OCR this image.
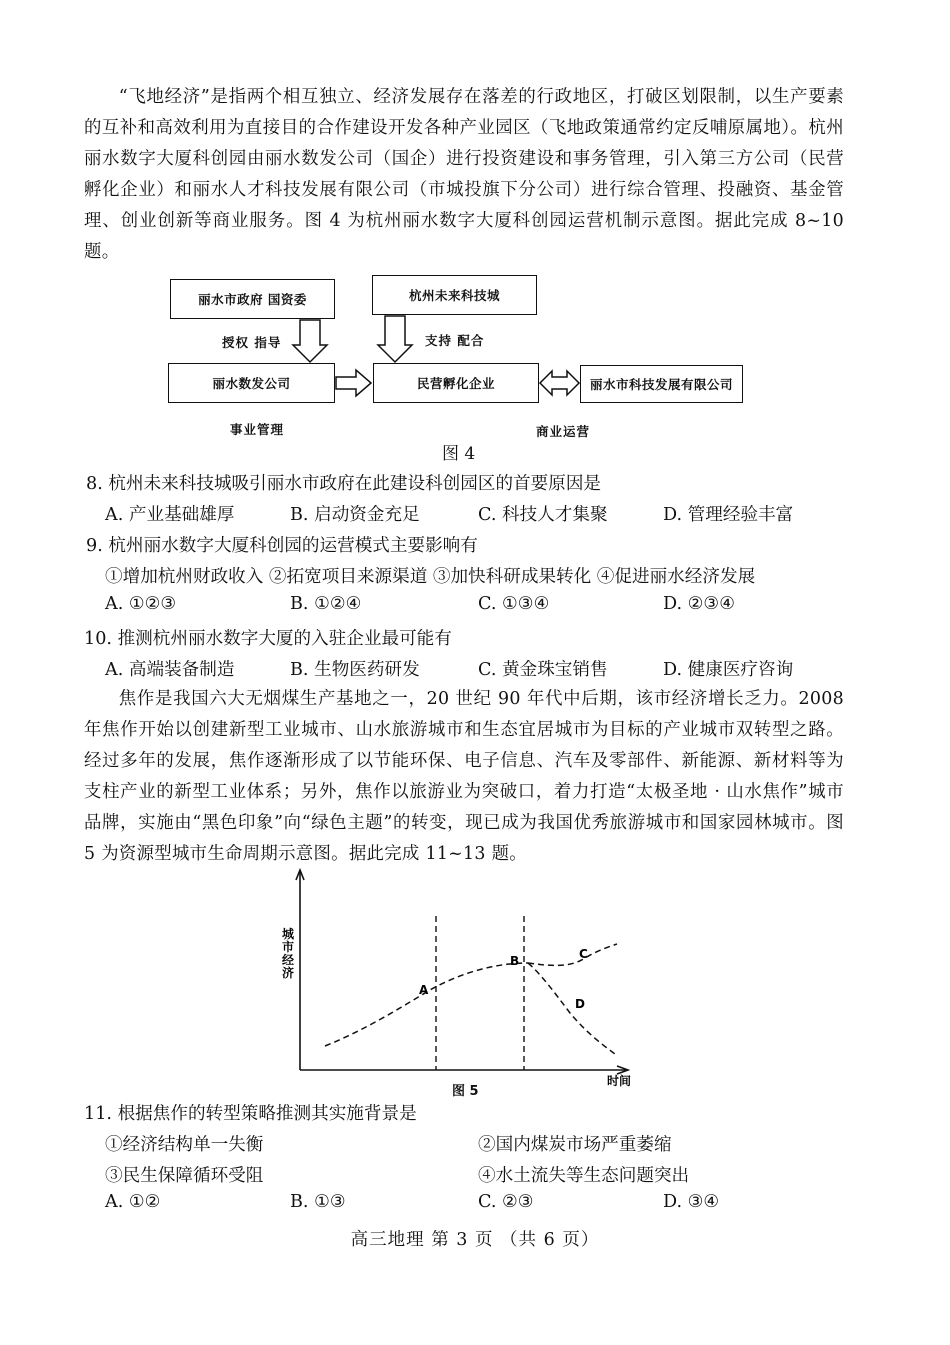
“飞地经济”是指两个相互独立、经济发展存在落差的行政地区，打破区划限制，以生产要素的互补和高效利用为直接目的合作建设开发各种产业园区（飞地政策通常约定反哺原属地）。杭州丽水数字大厦科创园由丽水数发公司（国企）进行投资建设和事务管理，引入第三方公司（民营孵化企业）和丽水人才科技发展有限公司（市城投旗下分公司）进行综合管理、投融资、基金管理、创业创新等商业服务。图 4 为杭州丽水数字大厦科创园运营机制示意图。据此完成 8~10 题。
丽水市政府 国资委	杭州未来科技城
丽水数发公司	民营孵化企业	丽水市科技发展有限公司
授权 指导	支持 配合
事业管理	商业运营
图 4
8. 杭州未来科技城吸引丽水市政府在此建设科创园区的首要原因是
A. 产业基础雄厚	B. 启动资金充足	C. 科技人才集聚	D. 管理经验丰富
9. 杭州丽水数字大厦科创园的运营模式主要影响有
①增加杭州财政收入 ②拓宽项目来源渠道 ③加快科研成果转化 ④促进丽水经济发展
A. ①②③	B. ①②④	C. ①③④	D. ②③④
10. 推测杭州丽水数字大厦的入驻企业最可能有
A. 高端装备制造	B. 生物医药研发	C. 黄金珠宝销售	D. 健康医疗咨询
焦作是我国六大无烟煤生产基地之一，20 世纪 90 年代中后期，该市经济增长乏力。2008 年焦作开始以创建新型工业城市、山水旅游城市和生态宜居城市为目标的产业城市双转型之路。经过多年的发展，焦作逐渐形成了以节能环保、电子信息、汽车及零部件、新能源、新材料等为支柱产业的新型工业体系；另外，焦作以旅游业为突破口，着力打造“太极圣地 · 山水焦作”城市品牌，实施由“黑色印象”向“绿色主题”的转变，现已成为我国优秀旅游城市和国家园林城市。图 5 为资源型城市生命周期示意图。据此完成 11~13 题。
A
B	C
D
城市经济
时间
图 5
11. 根据焦作的转型策略推测其实施背景是
①经济结构单一失衡	②国内煤炭市场严重萎缩
③民生保障循环受阻	④水土流失等生态问题突出
A. ①②	B. ①③	C. ②③	D. ③④
高三地理 第 3 页 （共 6 页）
